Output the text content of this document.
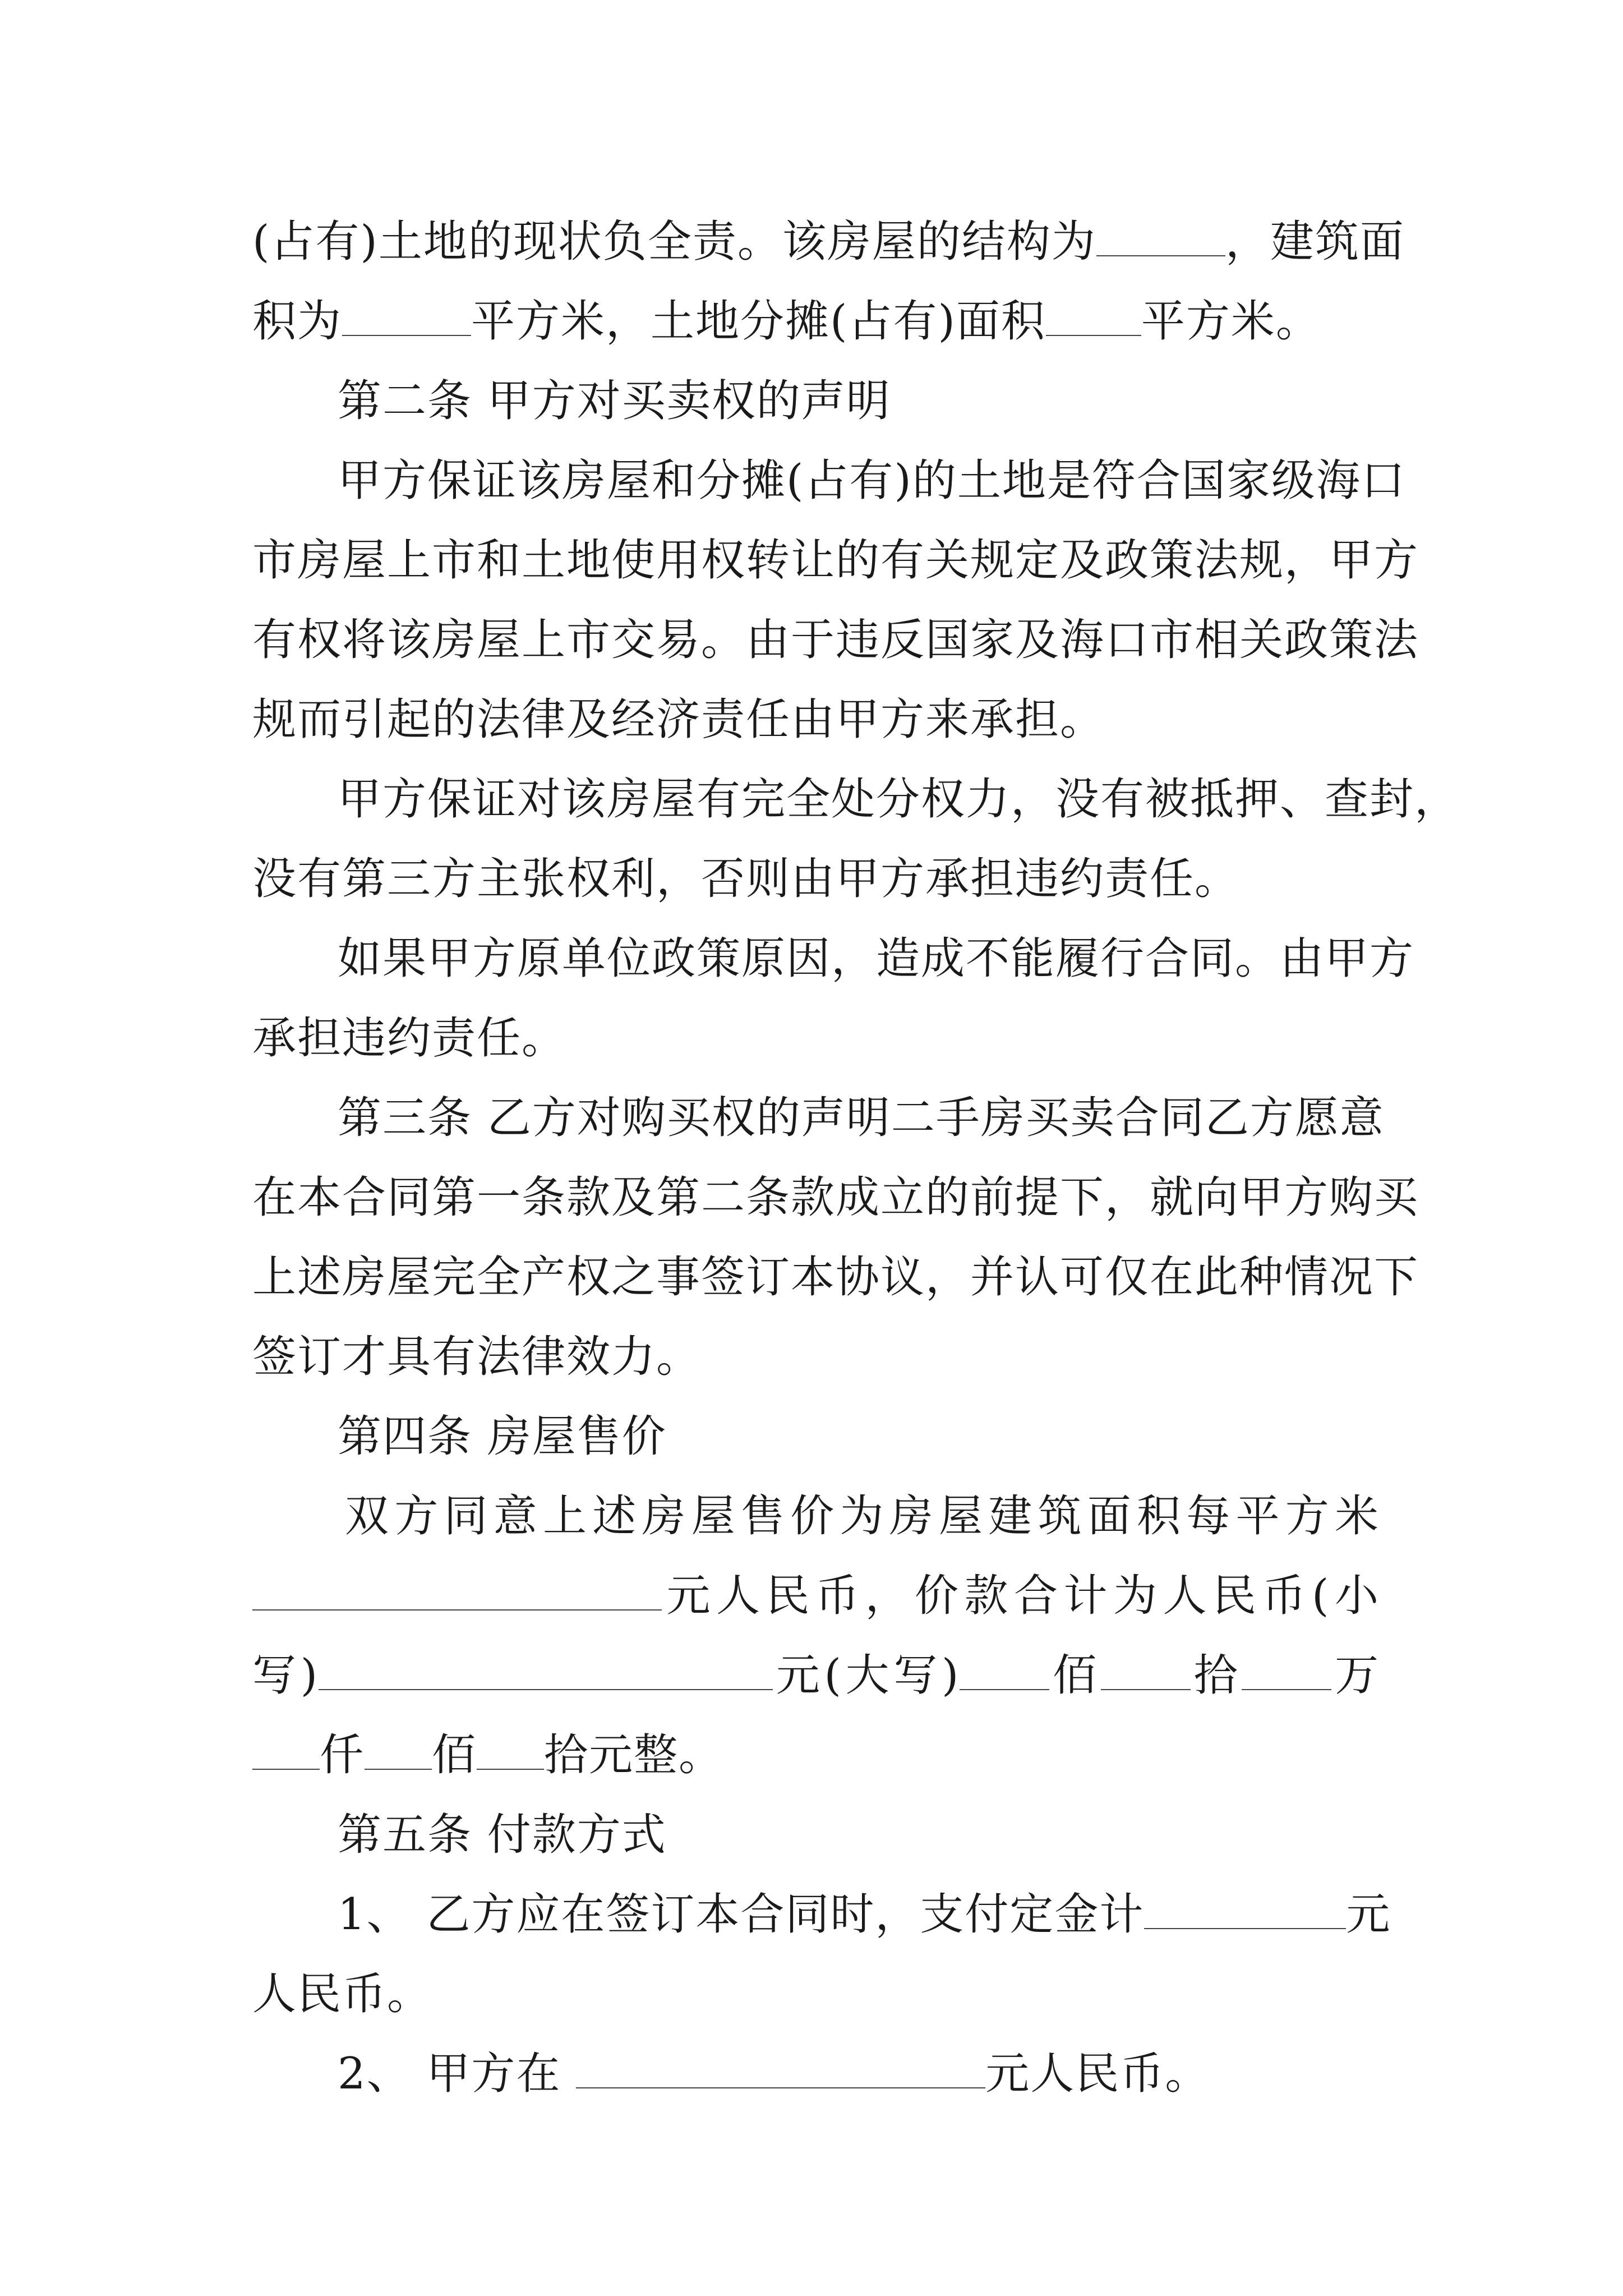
(占有)土地的现状负全责。该房屋的结构为	，建筑面
积为	平方米，土地分摊(占有)面积 平方米。
第二条 甲方对买卖权的声明
甲方保证该房屋和分摊(占有)的土地是符合国家级海口
市房屋上市和土地使用权转让的有关规定及政策法规，甲方
有权将该房屋上市交易。由于违反国家及海口市相关政策法
规而引起的法律及经济责任由甲方来承担。
甲方保证对该房屋有完全处分权力，没有被抵押、查封，
没有第三方主张权利，否则由甲方承担违约责任。
如果甲方原单位政策原因，造成不能履行合同。由甲方
承担违约责任。
第三条 乙方对购买权的声明二手房买卖合同乙方愿意
在本合同第一条款及第二条款成立的前提下，就向甲方购买
上述房屋完全产权之事签订本协议，并认可仅在此种情况下
签订才具有法律效力。
第四条 房屋售价
双方同意上述房屋售价为房屋建筑面积每平方米
元人民币，价款合计为人民币(小
写)	元(大写) 佰 拾 万
仟 佰 拾元整。
第五条 付款方式
1、 乙方应在签订本合同时，支付定金计	元
人民币。
2、 甲方在	元人民币。
